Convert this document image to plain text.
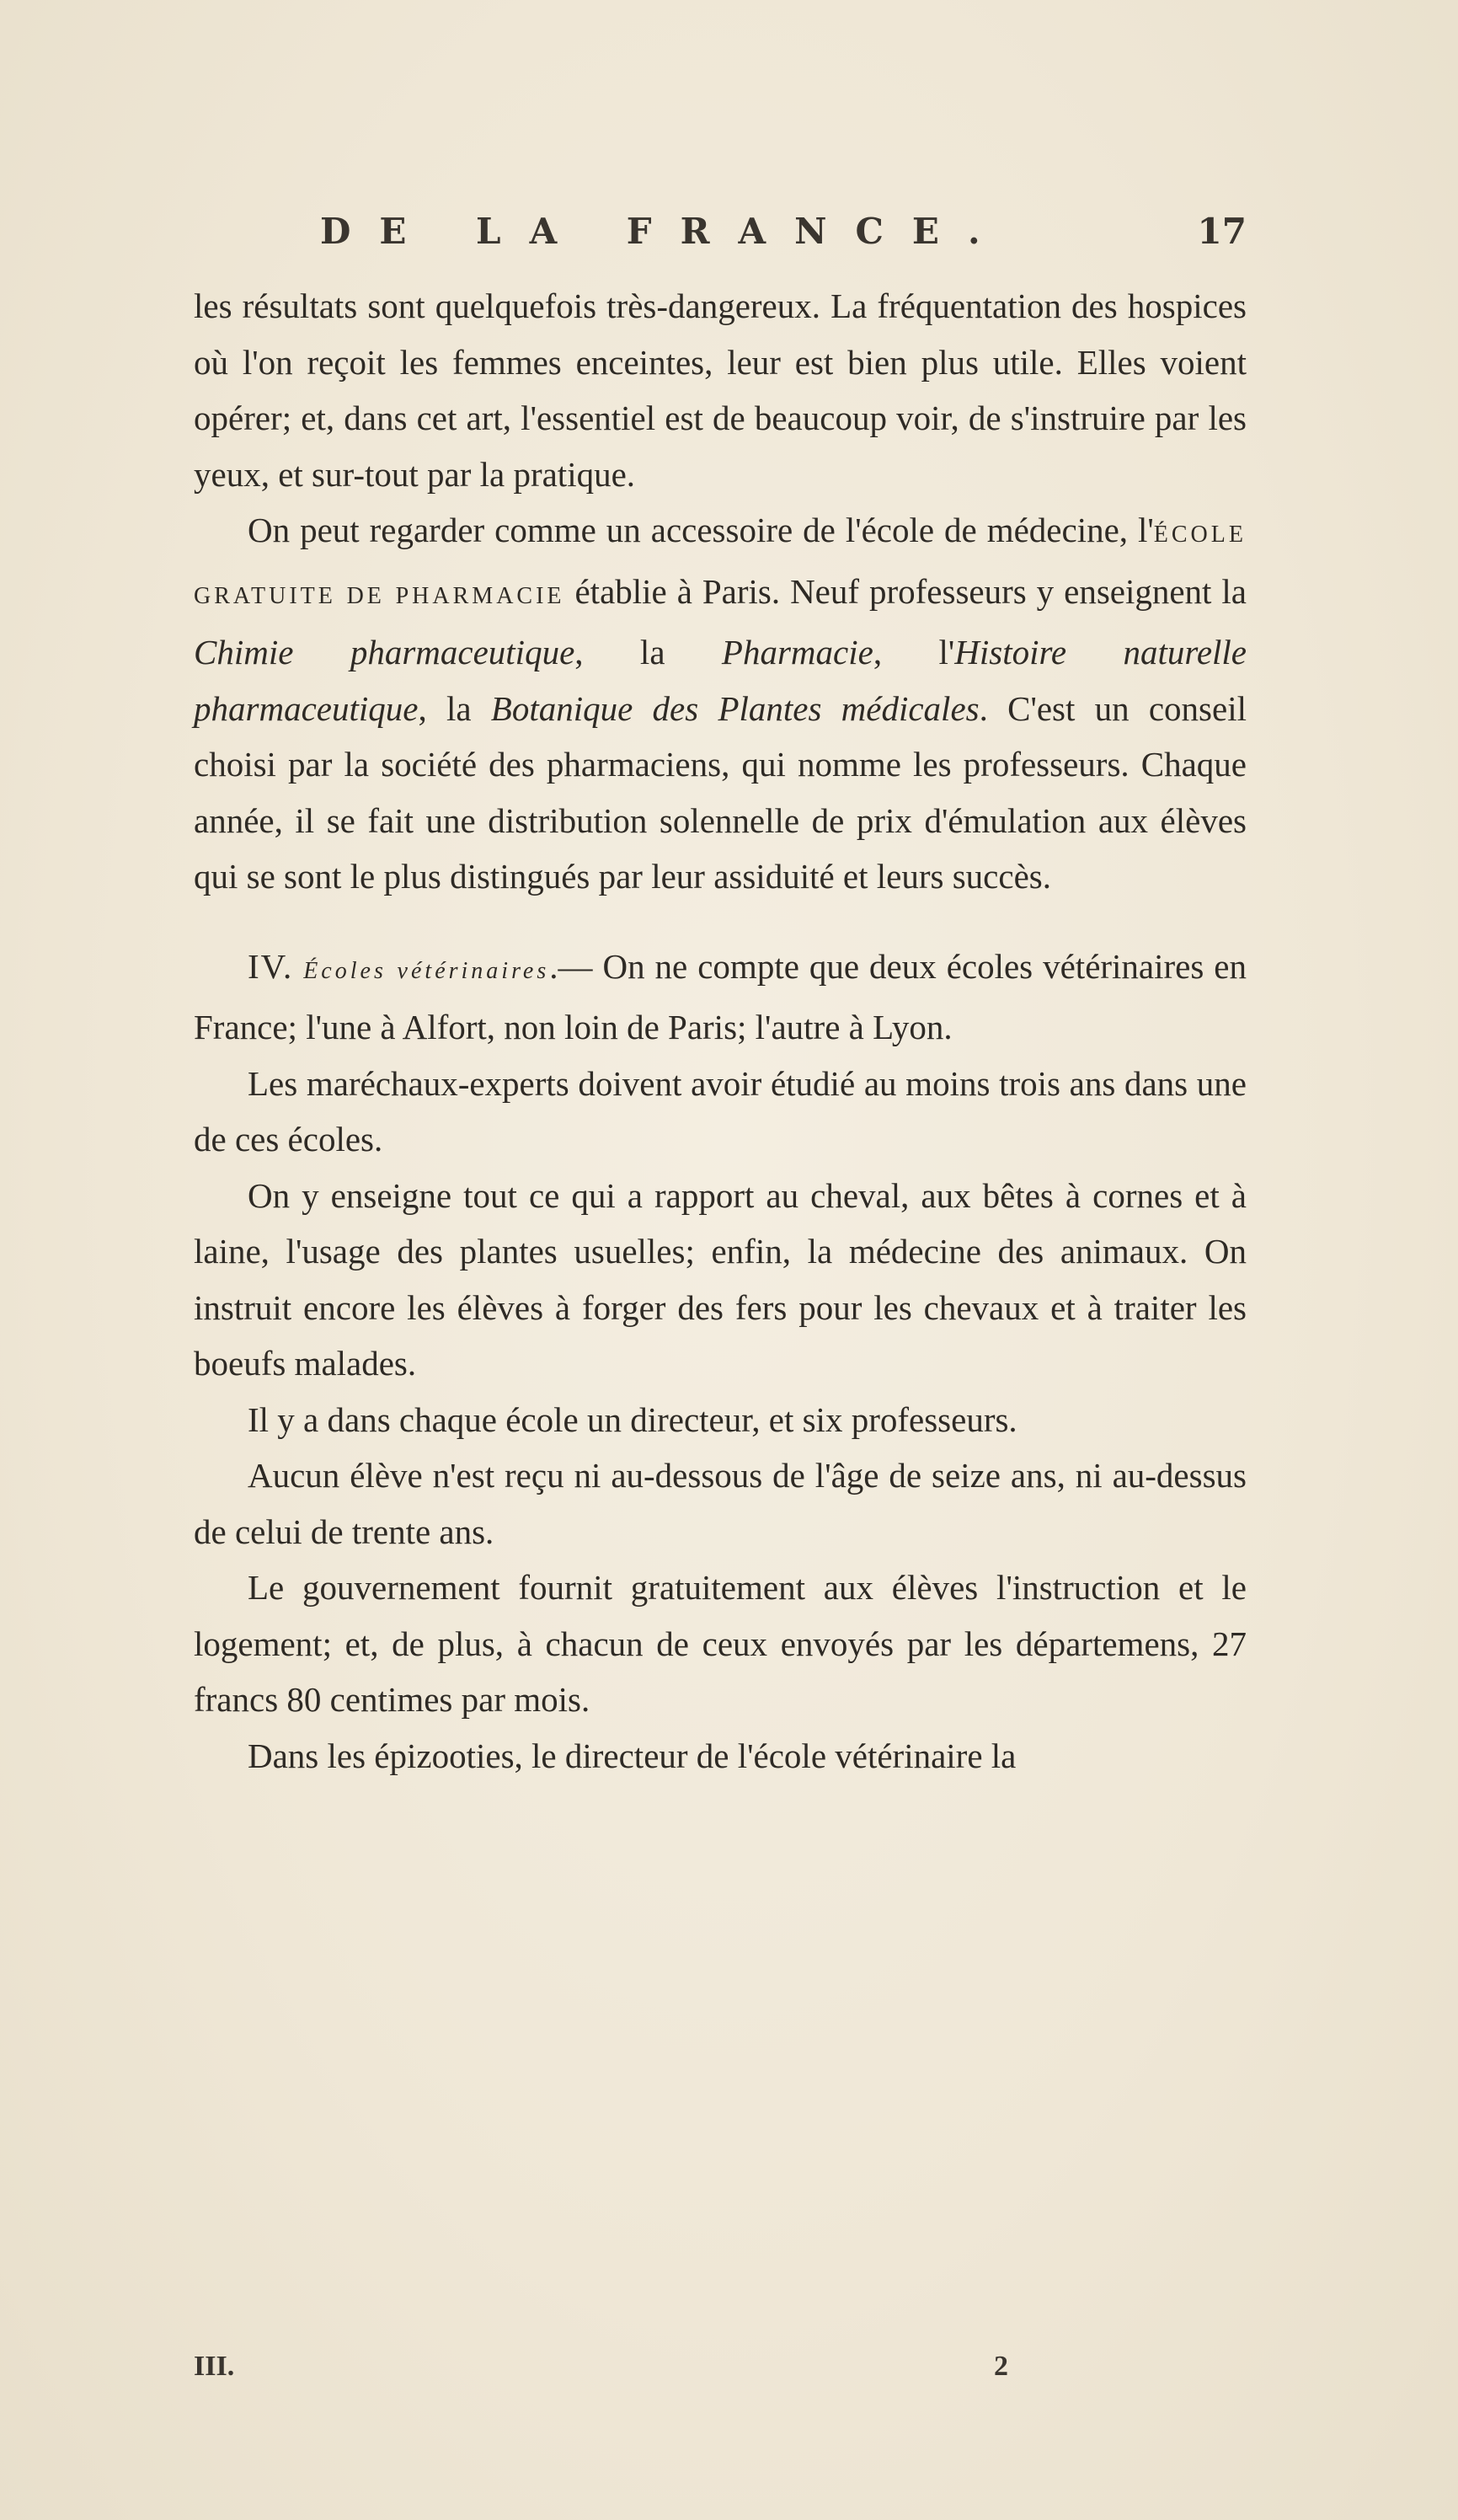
DE LA FRANCE.	17

les résultats sont quelquefois très-dangereux. La fréquentation des hospices où l'on reçoit les femmes enceintes, leur est bien plus utile. Elles voient opérer; et, dans cet art, l'essentiel est de beaucoup voir, de s'instruire par les yeux, et sur-tout par la pratique.

On peut regarder comme un accessoire de l'école de médecine, l'ÉCOLE GRATUITE DE PHARMACIE établie à Paris. Neuf professeurs y enseignent la Chimie pharmaceutique, la Pharmacie, l'Histoire naturelle pharmaceutique, la Botanique des Plantes médicales. C'est un conseil choisi par la société des pharmaciens, qui nomme les professeurs. Chaque année, il se fait une distribution solennelle de prix d'émulation aux élèves qui se sont le plus distingués par leur assiduité et leurs succès.

IV. Écoles vétérinaires.— On ne compte que deux écoles vétérinaires en France; l'une à Alfort, non loin de Paris; l'autre à Lyon.

Les maréchaux-experts doivent avoir étudié au moins trois ans dans une de ces écoles.

On y enseigne tout ce qui a rapport au cheval, aux bêtes à cornes et à laine, l'usage des plantes usuelles; enfin, la médecine des animaux. On instruit encore les élèves à forger des fers pour les chevaux et à traiter les boeufs malades.

Il y a dans chaque école un directeur, et six professeurs.

Aucun élève n'est reçu ni au-dessous de l'âge de seize ans, ni au-dessus de celui de trente ans.

Le gouvernement fournit gratuitement aux élèves l'instruction et le logement; et, de plus, à chacun de ceux envoyés par les départemens, 27 francs 80 centimes par mois.

Dans les épizooties, le directeur de l'école vétérinaire la

III.	2
